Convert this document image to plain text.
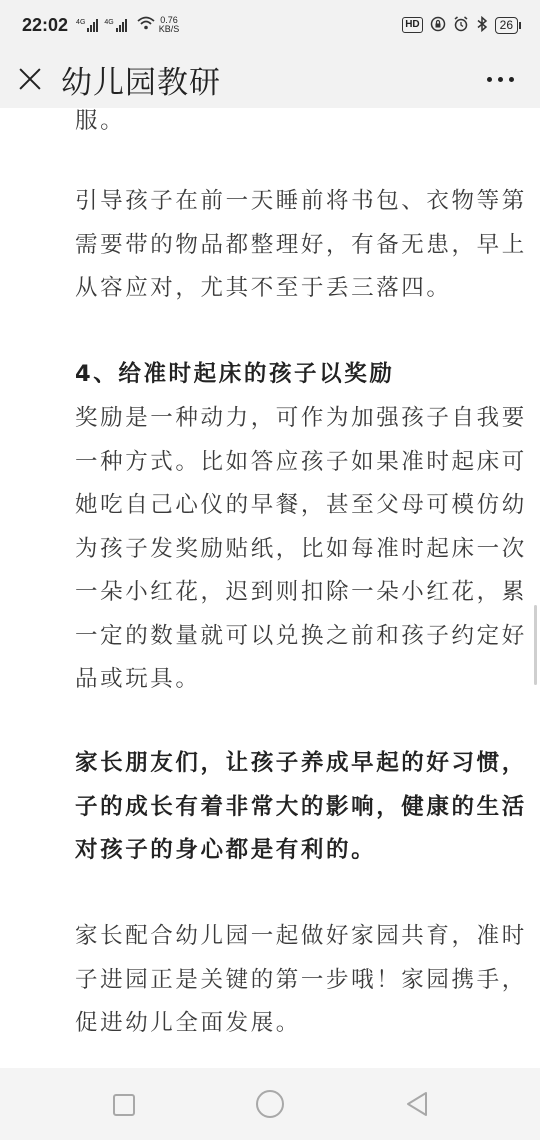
22:02 4G	4G	0.76
KB/S	HD	26

服。

引导孩子在前一天睡前将书包、衣物等第
需要带的物品都整理好，有备无患，早上
从容应对，尤其不至于丢三落四。

4、给准时起床的孩子以奖励

奖励是一种动力，可作为加强孩子自我要
一种方式。比如答应孩子如果准时起床可
她吃自己心仪的早餐，甚至父母可模仿幼
为孩子发奖励贴纸，比如每准时起床一次
一朵小红花，迟到则扣除一朵小红花，累
一定的数量就可以兑换之前和孩子约定好
品或玩具。

家长朋友们，让孩子养成早起的好习惯，
子的成长有着非常大的影响，健康的生活
对孩子的身心都是有利的。

家长配合幼儿园一起做好家园共育，准时
子进园正是关键的第一步哦！家园携手，
促进幼儿全面发展。

幼儿园教研
